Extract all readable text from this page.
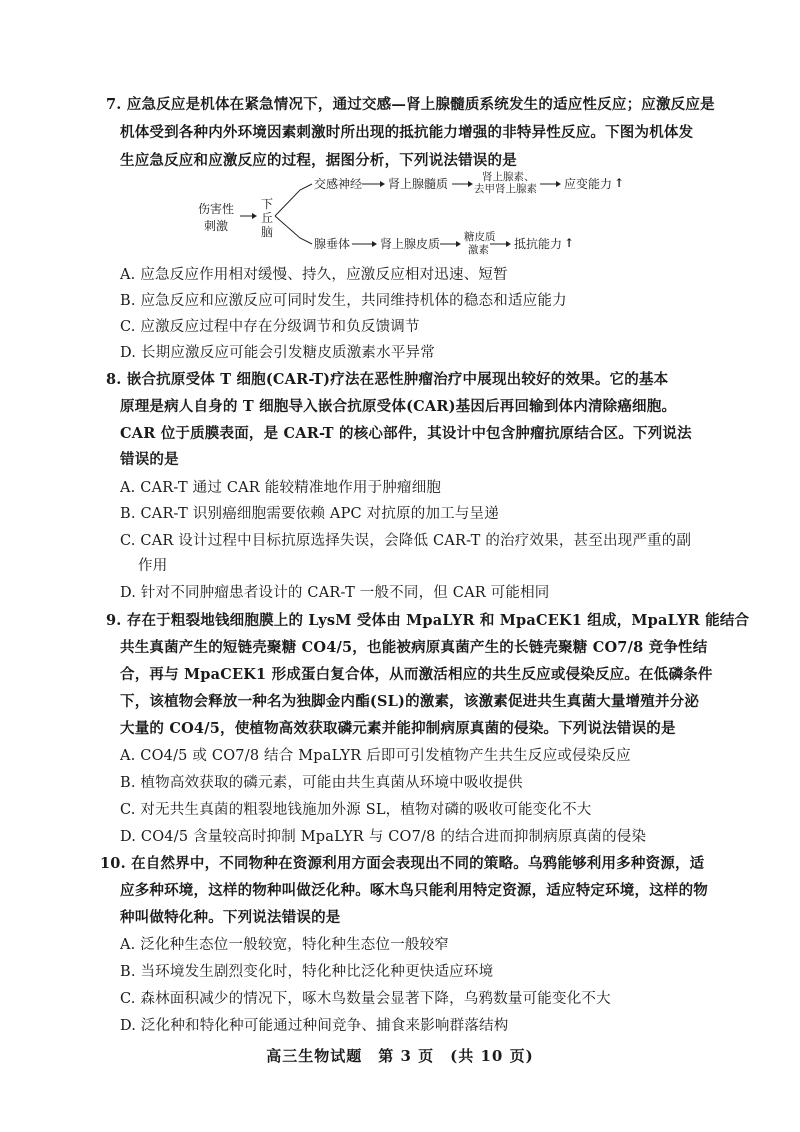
7. 应急反应是机体在紧急情况下，通过交感—肾上腺髓质系统发生的适应性反应；应激反应是
机体受到各种内外环境因素刺激时所出现的抵抗能力增强的非特异性反应。下图为机体发
生应急反应和应激反应的过程，据图分析，下列说法错误的是
伤害性
刺激
下
丘
脑
交感神经 肾上腺髓质	肾上腺素、
去甲肾上腺素 应变能力 ↑
腺垂体 肾上腺皮质 糖皮质
激素 抵抗能力 ↑
A. 应急反应作用相对缓慢、持久，应激反应相对迅速、短暂
B. 应急反应和应激反应可同时发生，共同维持机体的稳态和适应能力
C. 应激反应过程中存在分级调节和负反馈调节
D. 长期应激反应可能会引发糖皮质激素水平异常
8. 嵌合抗原受体 T 细胞(CAR-T)疗法在恶性肿瘤治疗中展现出较好的效果。它的基本
原理是病人自身的 T 细胞导入嵌合抗原受体(CAR)基因后再回输到体内清除癌细胞。
CAR 位于质膜表面，是 CAR-T 的核心部件，其设计中包含肿瘤抗原结合区。下列说法
错误的是
A. CAR-T 通过 CAR 能较精准地作用于肿瘤细胞
B. CAR-T 识别癌细胞需要依赖 APC 对抗原的加工与呈递
C. CAR 设计过程中目标抗原选择失误，会降低 CAR-T 的治疗效果，甚至出现严重的副
作用
D. 针对不同肿瘤患者设计的 CAR-T 一般不同，但 CAR 可能相同
9. 存在于粗裂地钱细胞膜上的 LysM 受体由 MpaLYR 和 MpaCEK1 组成，MpaLYR 能结合
共生真菌产生的短链壳聚糖 CO4/5，也能被病原真菌产生的长链壳聚糖 CO7/8 竞争性结
合，再与 MpaCEK1 形成蛋白复合体，从而激活相应的共生反应或侵染反应。在低磷条件
下，该植物会释放一种名为独脚金内酯(SL)的激素，该激素促进共生真菌大量增殖并分泌
大量的 CO4/5，使植物高效获取磷元素并能抑制病原真菌的侵染。下列说法错误的是
A. CO4/5 或 CO7/8 结合 MpaLYR 后即可引发植物产生共生反应或侵染反应
B. 植物高效获取的磷元素，可能由共生真菌从环境中吸收提供
C. 对无共生真菌的粗裂地钱施加外源 SL，植物对磷的吸收可能变化不大
D. CO4/5 含量较高时抑制 MpaLYR 与 CO7/8 的结合进而抑制病原真菌的侵染
10. 在自然界中，不同物种在资源利用方面会表现出不同的策略。乌鸦能够利用多种资源，适
应多种环境，这样的物种叫做泛化种。啄木鸟只能利用特定资源，适应特定环境，这样的物
种叫做特化种。下列说法错误的是
A. 泛化种生态位一般较宽，特化种生态位一般较窄
B. 当环境发生剧烈变化时，特化种比泛化种更快适应环境
C. 森林面积减少的情况下，啄木鸟数量会显著下降，乌鸦数量可能变化不大
D. 泛化种和特化种可能通过种间竞争、捕食来影响群落结构
高三生物试题　第 3 页　(共 10 页)
